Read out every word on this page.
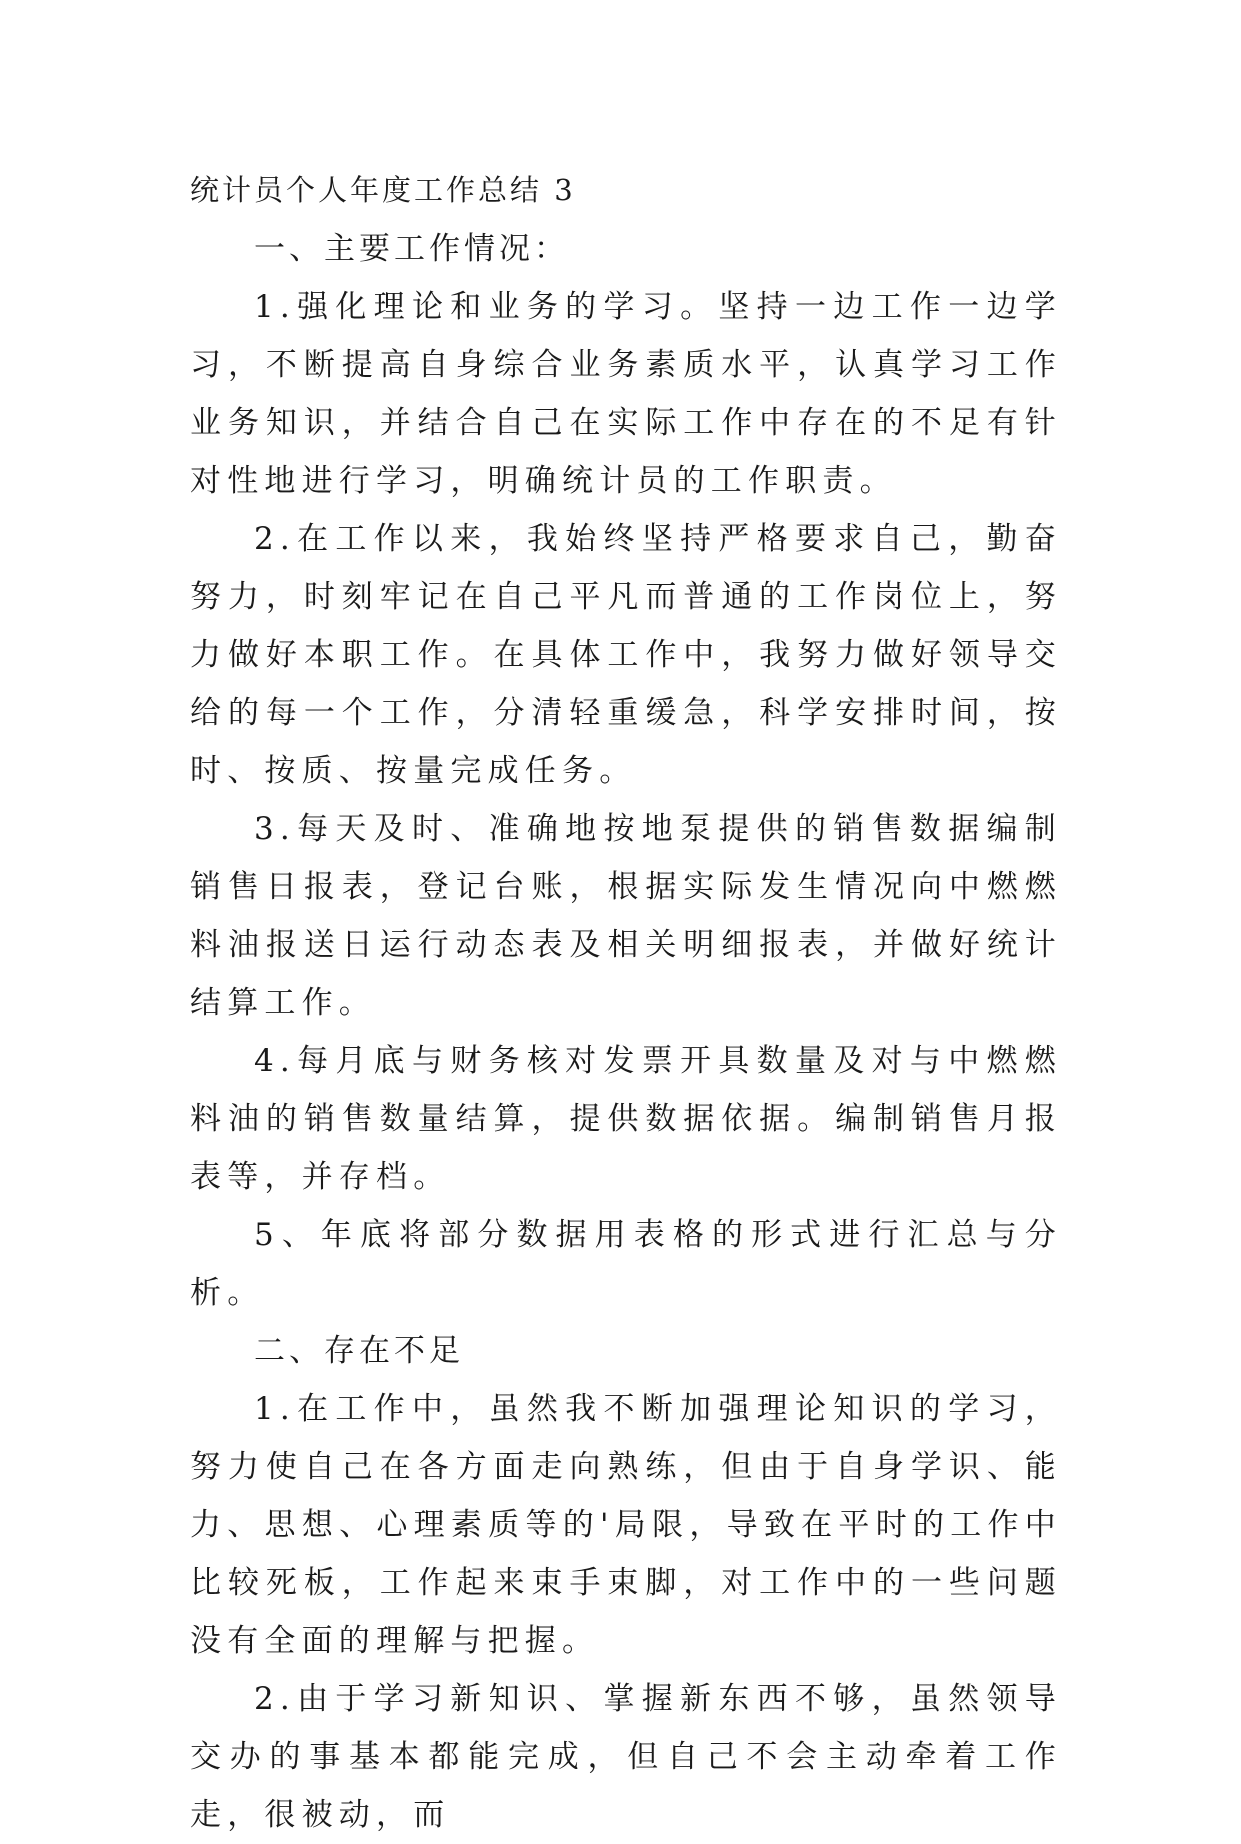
统计员个人年度工作总结 3

一、主要工作情况：

1.强化理论和业务的学习。坚持一边工作一边学习，不断提高自身综合业务素质水平，认真学习工作业务知识，并结合自己在实际工作中存在的不足有针对性地进行学习，明确统计员的工作职责。

2.在工作以来，我始终坚持严格要求自己，勤奋努力，时刻牢记在自己平凡而普通的工作岗位上，努力做好本职工作。在具体工作中，我努力做好领导交给的每一个工作，分清轻重缓急，科学安排时间，按时、按质、按量完成任务。

3.每天及时、准确地按地泵提供的销售数据编制销售日报表，登记台账，根据实际发生情况向中燃燃料油报送日运行动态表及相关明细报表，并做好统计结算工作。

4.每月底与财务核对发票开具数量及对与中燃燃料油的销售数量结算，提供数据依据。编制销售月报表等，并存档。

5、年底将部分数据用表格的形式进行汇总与分析。

二、存在不足

1.在工作中，虽然我不断加强理论知识的学习，努力使自己在各方面走向熟练，但由于自身学识、能力、思想、心理素质等的'局限，导致在平时的工作中比较死板，工作起来束手束脚，对工作中的一些问题没有全面的理解与把握。

2.由于学习新知识、掌握新东西不够，虽然领导交办的事基本都能完成，但自己不会主动牵着工作走，很被动，而
